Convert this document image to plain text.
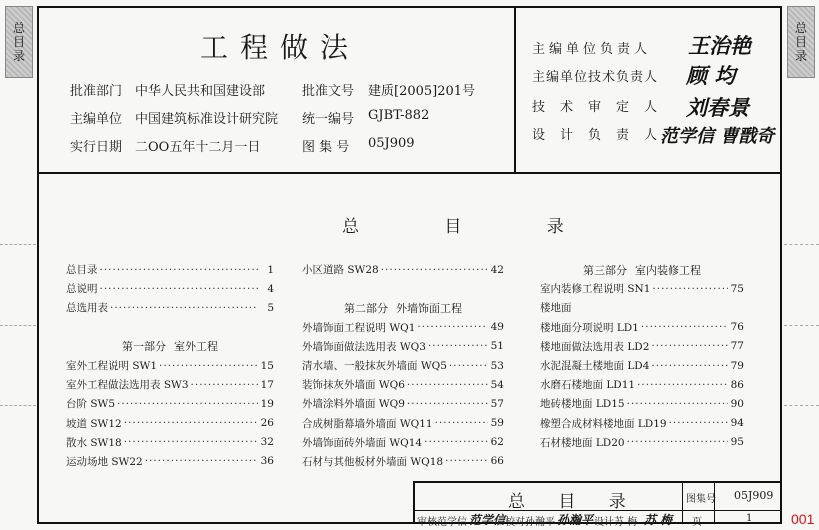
总
目
录
总
目
录
工程做法
批准部门 中华人民共和国建设部	批准文号 建质[2005]201号
主编单位 中国建筑标准设计研究院 统一编号 GJBT-882
实行日期 二OO五年十二月一日	图 集 号 05J909
主编单位负责人 王治艳
主编单位技术负责人 顾 均
技术审定人 刘春景
设计负责人
范学信 曹戬奇
总 目 录
总目录 ·····	1
总说明 ·····	4
总选用表 ·····	5
第一部分 室外工程
室外工程说明 SW1 ·····	15
室外工程做法选用表 SW3 ·····	17
台阶 SW5 ·····	19
坡道 SW12 ·····	26
散水 SW18 ·····	32
运动场地 SW22 ·····	36
小区道路 SW28 ·····	42
第二部分 外墙饰面工程
外墙饰面工程说明 WQ1 ·····	49
外墙饰面做法选用表 WQ3 ·····	51
清水墙、一般抹灰外墙面 WQ5 ·····	53
装饰抹灰外墙面 WQ6 ·····	54
外墙涂料外墙面 WQ9 ·····	57
合成树脂幕墙外墙面 WQ11 ·····	59
外墙饰面砖外墙面 WQ14 ·····	62
石材与其他板材外墙面 WQ18 ·····	66
第三部分 室内装修工程
室内装修工程说明 SN1 ·····	75
楼地面
楼地面分项说明 LD1 ·····	76
楼地面做法选用表 LD2 ·····	77
水泥混凝土楼地面 LD4 ·····	79
水磨石楼地面 LD11 ·····	86
地砖楼地面 LD15 ·····	90
橡塑合成材料楼地面 LD19 ·····	94
石材楼地面 LD20 ·····	95
总 目 录	图集号 05J909
审核 范学信 范学信 校对 孙瀚平 孙瀚平 设计 苏 梅 苏 梅 页	1	001
